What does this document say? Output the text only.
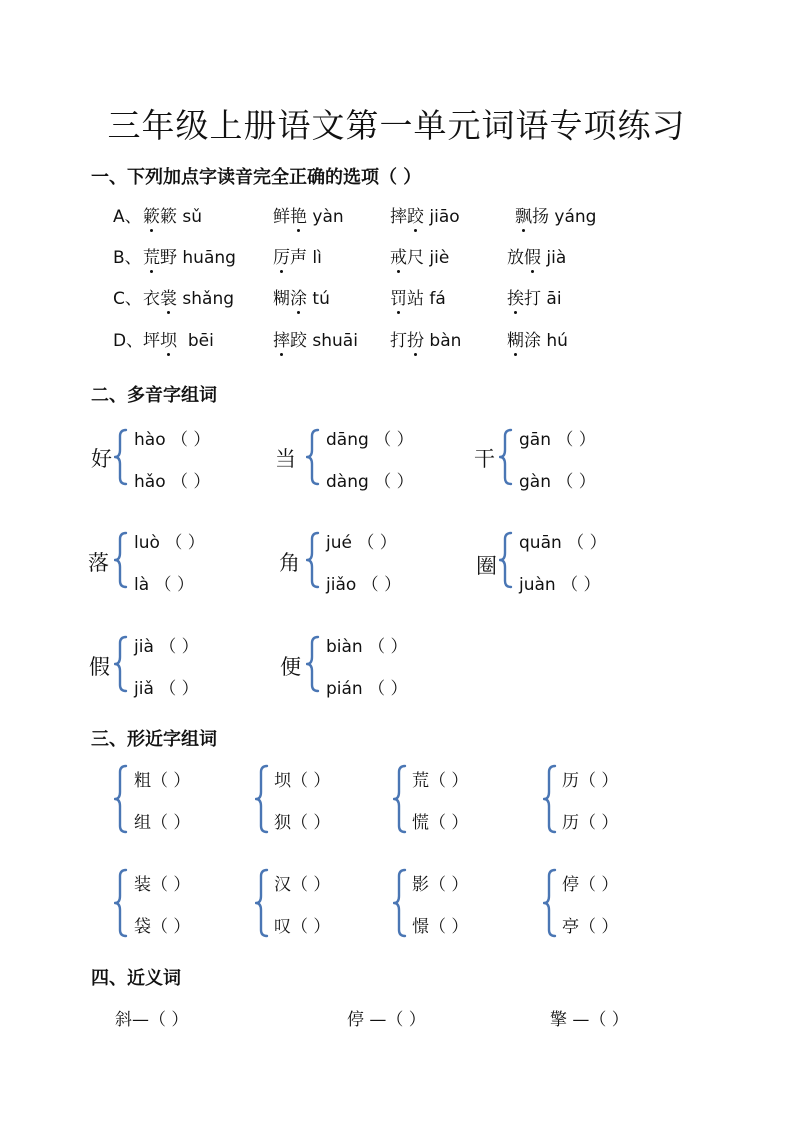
三年级上册语文第一单元词语专项练习
一、下列加点字读音完全正确的选项（ ）
A、 簌簌 sǔ	鲜艳 yàn	摔跤 jiāo	飘扬 yáng
B、 荒野 huāng 厉声 lì	戒尺 jiè	放假 jià
C、 衣裳 shǎng 糊涂 tú	罚站 fá	挨打 āi
D、 坪坝 bēi	摔跤 shuāi 打扮 bàn	糊涂 hú
二、多音字组词
好
hào （ ）
hǎo （ ）
当
dāng （ ）
dàng （ ）
干
gān （ ）
gàn （ ）
落
luò （ ）
là （ ）
角
jué （ ）
jiǎo （ ）
圈
quān （ ）
juàn （ ）
假
jià （ ）
jiǎ （ ）
便
biàn （ ）
pián （ ）
三、形近字组词
粗（ ）
组（ ）
坝（ ）
狈（ ）
荒（ ）
慌（ ）
历（ ）
历（ ）
装（ ）
袋（ ）
汉（ ）
叹（ ）
影（ ）
憬（ ）
停（ ）
亭（ ）
四、近义词
斜—（ ）	停 —（ ）	擎 —（ ）
